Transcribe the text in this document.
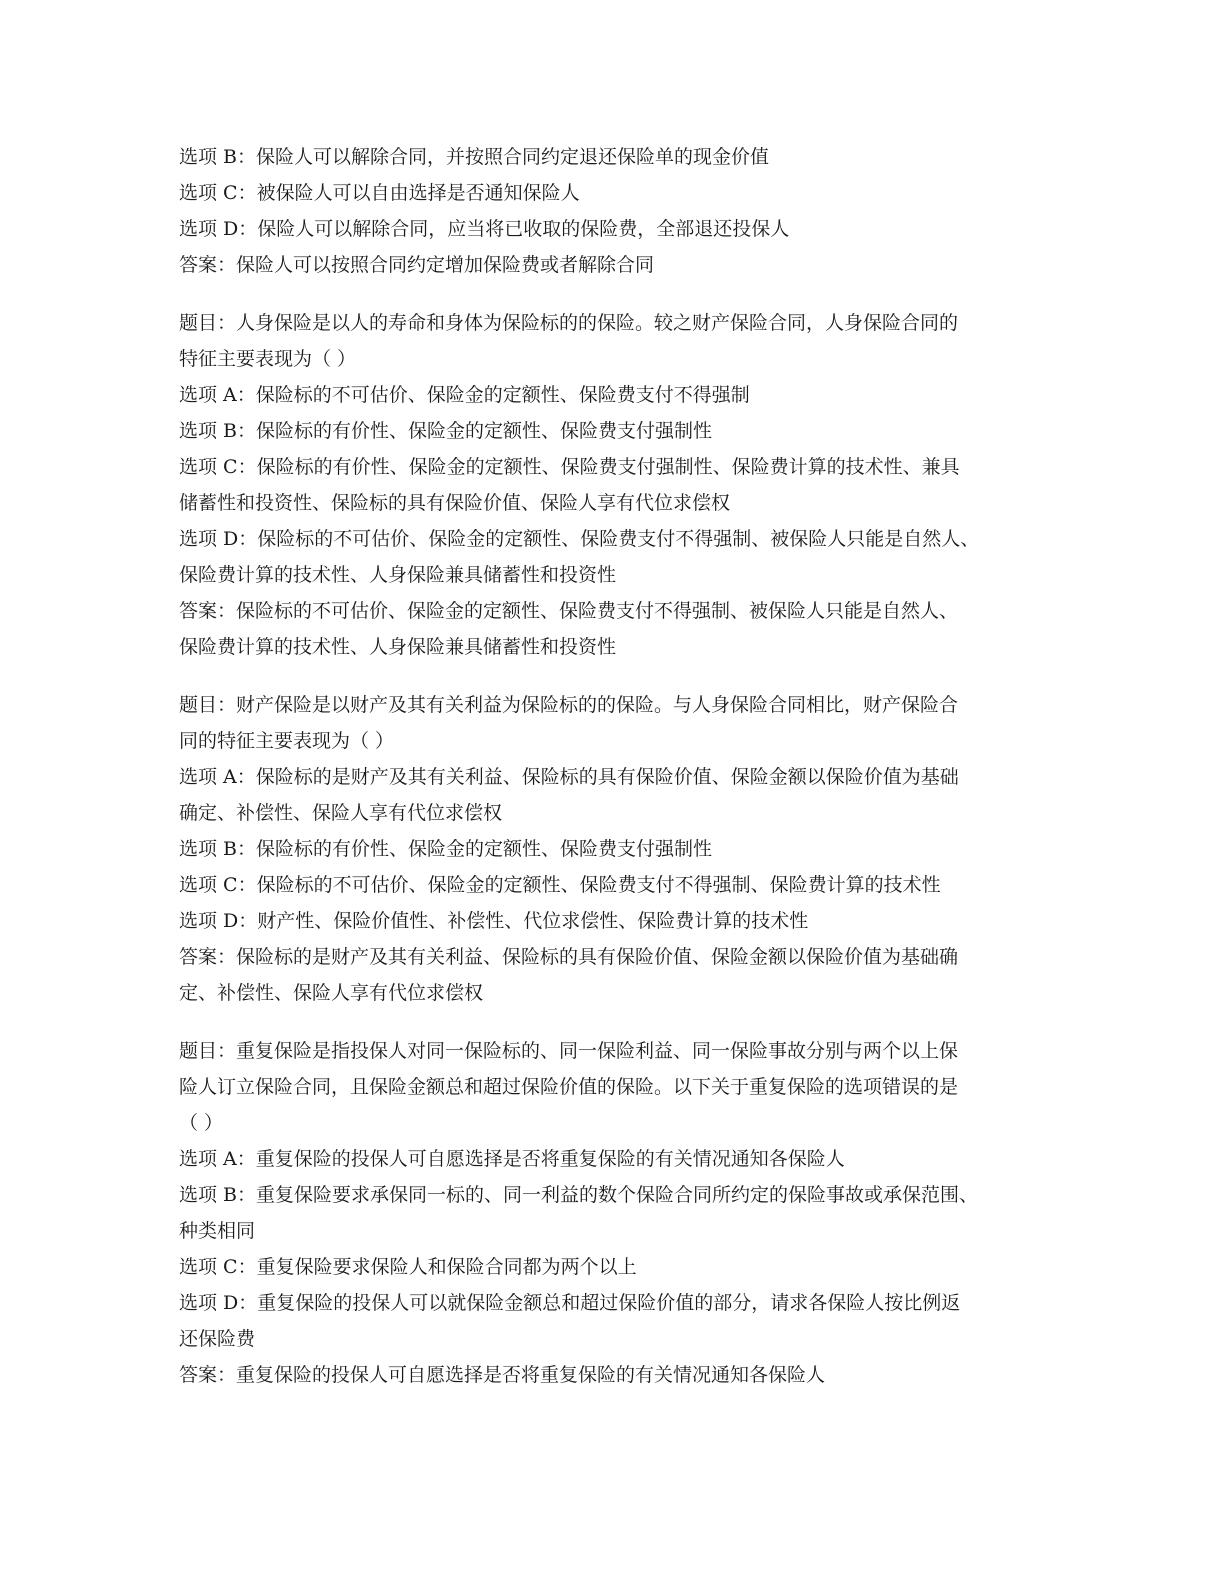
选项 B：保险人可以解除合同，并按照合同约定退还保险单的现金价值

选项 C：被保险人可以自由选择是否通知保险人

选项 D：保险人可以解除合同，应当将已收取的保险费，全部退还投保人

答案：保险人可以按照合同约定增加保险费或者解除合同

题目：人身保险是以人的寿命和身体为保险标的的保险。较之财产保险合同，人身保险合同的

特征主要表现为（ ）

选项 A：保险标的不可估价、保险金的定额性、保险费支付不得强制

选项 B：保险标的有价性、保险金的定额性、保险费支付强制性

选项 C：保险标的有价性、保险金的定额性、保险费支付强制性、保险费计算的技术性、兼具

储蓄性和投资性、保险标的具有保险价值、保险人享有代位求偿权

选项 D：保险标的不可估价、保险金的定额性、保险费支付不得强制、被保险人只能是自然人、

保险费计算的技术性、人身保险兼具储蓄性和投资性

答案：保险标的不可估价、保险金的定额性、保险费支付不得强制、被保险人只能是自然人、

保险费计算的技术性、人身保险兼具储蓄性和投资性

题目：财产保险是以财产及其有关利益为保险标的的保险。与人身保险合同相比，财产保险合

同的特征主要表现为（ ）

选项 A：保险标的是财产及其有关利益、保险标的具有保险价值、保险金额以保险价值为基础

确定、补偿性、保险人享有代位求偿权

选项 B：保险标的有价性、保险金的定额性、保险费支付强制性

选项 C：保险标的不可估价、保险金的定额性、保险费支付不得强制、保险费计算的技术性

选项 D：财产性、保险价值性、补偿性、代位求偿性、保险费计算的技术性

答案：保险标的是财产及其有关利益、保险标的具有保险价值、保险金额以保险价值为基础确

定、补偿性、保险人享有代位求偿权

题目：重复保险是指投保人对同一保险标的、同一保险利益、同一保险事故分别与两个以上保

险人订立保险合同，且保险金额总和超过保险价值的保险。以下关于重复保险的选项错误的是

（ ）

选项 A：重复保险的投保人可自愿选择是否将重复保险的有关情况通知各保险人

选项 B：重复保险要求承保同一标的、同一利益的数个保险合同所约定的保险事故或承保范围、

种类相同

选项 C：重复保险要求保险人和保险合同都为两个以上

选项 D：重复保险的投保人可以就保险金额总和超过保险价值的部分，请求各保险人按比例返

还保险费

答案：重复保险的投保人可自愿选择是否将重复保险的有关情况通知各保险人
